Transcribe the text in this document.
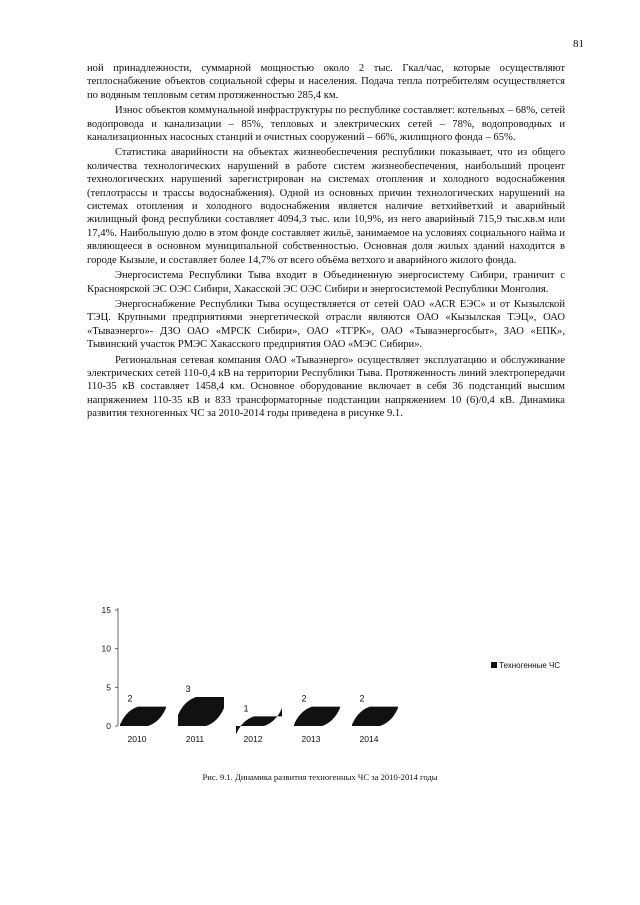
81

ной принадлежности, суммарной мощностью около 2 тыс. Гкал/час, которые осуществляют теплоснабжение объектов социальной сферы и населения. Подача тепла потребителям осуществляется по водяным тепловым сетям протяженностью 285,4 км.

Износ объектов коммунальной инфраструктуры по республике составляет: котельных – 68%, сетей водопровода и канализации – 85%, тепловых и электрических сетей – 78%, водопроводных и канализационных насосных станций и очистных сооружений – 66%, жилищного фонда – 65%.

Статистика аварийности на объектах жизнеобеспечения республики показывает, что из общего количества технологических нарушений в работе систем жизнеобеспечения, наибольший процент технологических нарушений зарегистрирован на системах отопления и холодного водоснабжения (теплотрассы и трассы водоснабжения). Одной из основных причин технологических нарушений на системах отопления и холодного водоснабжения является наличие ветхийветхий и аварийный жилищный фонд республики составляет 4094,3 тыс. или 10,9%, из него аварийный 715,9 тыс.кв.м или 17,4%. Наибольшую долю в этом фонде составляет жильё, занимаемое на условиях социального найма и являющееся в основном муниципальной собственностью. Основная доля жилых зданий находится в городе Кызыле, и составляет более 14,7% от всего объёма ветхого и аварийного жилого фонда.

Энергосистема Республики Тыва входит в Объединенную энергосистему Сибири, граничит с Красноярской ЭС ОЭС Сибири, Хакасской ЭС ОЭС Сибири и энергосистемой Республики Монголия.

Энергоснабжение Республики Тыва осуществляется от сетей ОАО «АСR ЕЭС» и от Кызылской ТЭЦ. Крупными предприятиями энергетической отрасли являются ОАО «Кызылская ТЭЦ», ОАО «Тываэнерго»- ДЗО ОАО «МРСК Сибири», ОАО «ТГРК», ОАО «Тываэнергосбыт», ЗАО «ЕПК», Тывинский участок РМЭС Хакасского предприятия ОАО «МЭС Сибири».

Региональная сетевая компания ОАО «Тываэнерго» осуществляет эксплуатацию и обслуживание электрических сетей 110-0,4 кВ на территории Республики Тыва. Протяженность линий электропередачи 110-35 кВ составляет 1458,4 км. Основное оборудование включает в себя 36 подстанций высшим напряжением 110-35 кВ и 833 трансформаторные подстанции напряжением 10 (6)/0,4 кВ. Динамика развития техногенных ЧС за 2010-2014 годы приведена в рисунке 9.1.

0
5
10
15
2
2010
3
2011
1
2012
2
2013
2
2014
Техногенные ЧС
Рис. 9.1. Динамика развития техногенных ЧС за 2010-2014 годы
